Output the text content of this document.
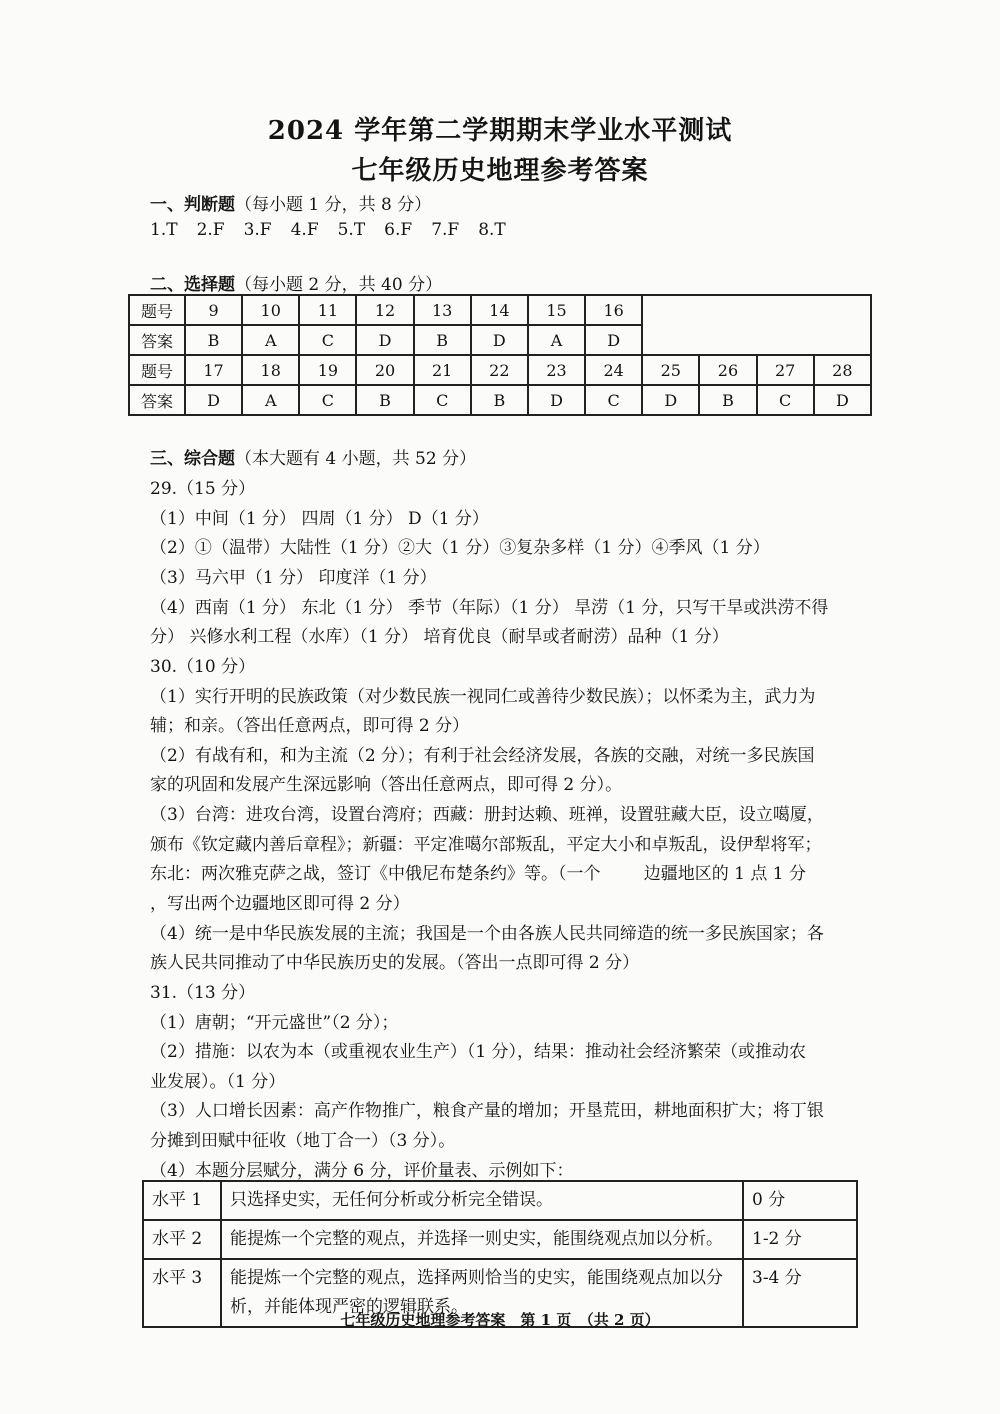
2024 学年第二学期期末学业水平测试
七年级历史地理参考答案
一、判断题（每小题 1 分，共 8 分）
1.T 2.F 3.F 4.F 5.T 6.F 7.F 8.T
二、选择题（每小题 2 分，共 40 分）
题号	9	10	11	12	13	14	15	16				
答案	B	A	C	D	B	D	A	D				
题号	17	18	19	20	21	22	23	24	25	26	27	28
答案	D	A	C	B	C	B	D	C	D	B	C	D
三、综合题（本大题有 4 小题，共 52 分）
29.（15 分）
（1）中间（1 分） 四周（1 分） D（1 分）
（2）①（温带）大陆性（1 分）②大（1 分）③复杂多样（1 分）④季风（1 分）
（3）马六甲（1 分） 印度洋（1 分）
（4）西南（1 分） 东北（1 分） 季节（年际）（1 分） 旱涝（1 分，只写干旱或洪涝不得
分） 兴修水利工程（水库）（1 分） 培育优良（耐旱或者耐涝）品种（1 分）
30.（10 分）
（1）实行开明的民族政策（对少数民族一视同仁或善待少数民族）；以怀柔为主，武力为
辅；和亲。（答出任意两点，即可得 2 分）
（2）有战有和，和为主流（2 分）；有利于社会经济发展，各族的交融，对统一多民族国
家的巩固和发展产生深远影响（答出任意两点，即可得 2 分）。
（3）台湾：进攻台湾，设置台湾府；西藏：册封达赖、班禅，设置驻藏大臣，设立噶厦，
颁布《钦定藏内善后章程》；新疆：平定准噶尔部叛乱，平定大小和卓叛乱，设伊犁将军；
东北：两次雅克萨之战，签订《中俄尼布楚条约》等。（一个        边疆地区的 1 点 1 分
，写出两个边疆地区即可得 2 分）
（4）统一是中华民族发展的主流；我国是一个由各族人民共同缔造的统一多民族国家；各
族人民共同推动了中华民族历史的发展。（答出一点即可得 2 分）
31.（13 分）
（1）唐朝；“开元盛世”（2 分）；
（2）措施：以农为本（或重视农业生产）（1 分），结果：推动社会经济繁荣（或推动农
业发展）。（1 分）
（3）人口增长因素：高产作物推广，粮食产量的增加；开垦荒田，耕地面积扩大；将丁银
分摊到田赋中征收（地丁合一）（3 分）。
（4）本题分层赋分，满分 6 分，评价量表、示例如下：
水平 1	只选择史实，无任何分析或分析完全错误。	0 分
水平 2	能提炼一个完整的观点，并选择一则史实，能围绕观点加以分析。	1-2 分
水平 3	能提炼一个完整的观点，选择两则恰当的史实，能围绕观点加以分析，并能体现严密的逻辑联系。	3-4 分
七年级历史地理参考答案　第 1 页　（共 2 页）
